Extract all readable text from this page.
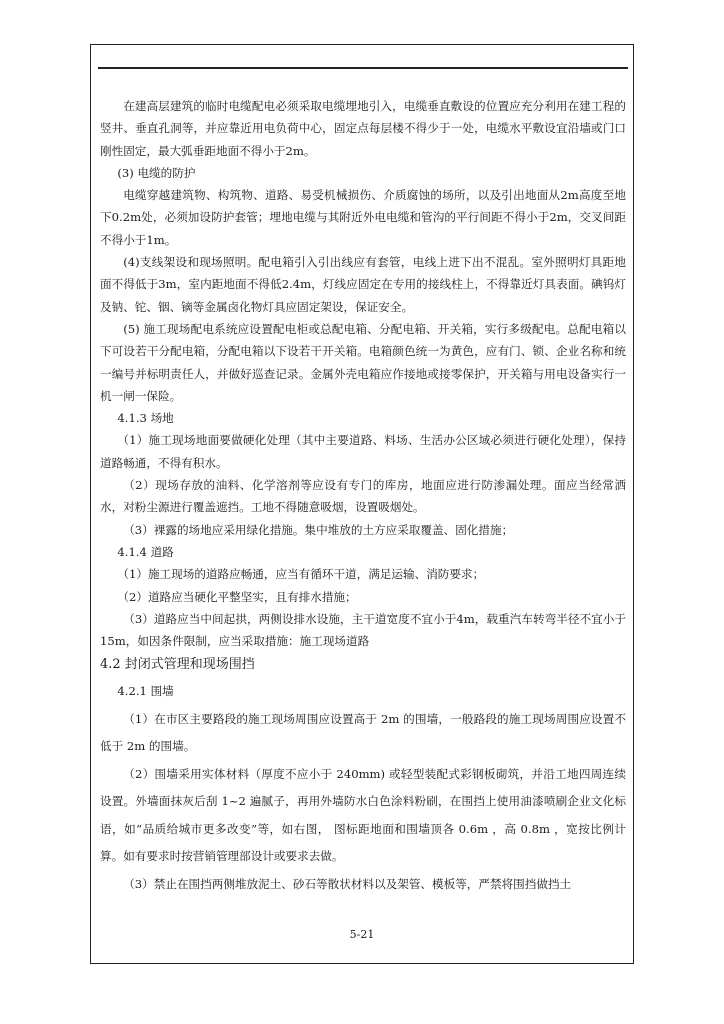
在建高层建筑的临时电缆配电必须采取电缆埋地引入，电缆垂直敷设的位置应充分利用在建工程的竖井、垂直孔洞等，并应靠近用电负荷中心，固定点每层楼不得少于一处，电缆水平敷设宜沿墙或门口刚性固定，最大弧垂距地面不得小于2m。

(3) 电缆的防护

电缆穿越建筑物、构筑物、道路、易受机械损伤、介质腐蚀的场所，以及引出地面从2m高度至地下0.2m处，必须加设防护套管；埋地电缆与其附近外电电缆和管沟的平行间距不得小于2m，交叉间距不得小于1m。

(4)支线架设和现场照明。配电箱引入引出线应有套管，电线上进下出不混乱。室外照明灯具距地面不得低于3m，室内距地面不得低2.4m，灯线应固定在专用的接线柱上，不得靠近灯具表面。碘钨灯及钠、铊、铟、镝等金属卤化物灯具应固定架设，保证安全。

(5) 施工现场配电系统应设置配电柜或总配电箱、分配电箱、开关箱，实行多级配电。总配电箱以下可设若干分配电箱，分配电箱以下设若干开关箱。电箱颜色统一为黄色，应有门、锁、企业名称和统一编号并标明责任人，并做好巡查记录。金属外壳电箱应作接地或接零保护，开关箱与用电设备实行一机一闸一保险。

4.1.3 场地

（1）施工现场地面要做硬化处理（其中主要道路、料场、生活办公区域必须进行硬化处理），保持道路畅通，不得有积水。

（2）现场存放的油料、化学溶剂等应设有专门的库房，地面应进行防渗漏处理。面应当经常洒水，对粉尘源进行覆盖遮挡。工地不得随意吸烟，设置吸烟处。

（3）裸露的场地应采用绿化措施。集中堆放的土方应采取覆盖、固化措施；

4.1.4 道路

（1）施工现场的道路应畅通，应当有循环干道，满足运输、消防要求；

（2）道路应当硬化平整坚实，且有排水措施；

（3）道路应当中间起拱，两侧设排水设施，主干道宽度不宜小于4m，载重汽车转弯半径不宜小于15m，如因条件限制，应当采取措施：施工现场道路

4.2 封闭式管理和现场围挡

4.2.1 围墙

（1）在市区主要路段的施工现场周围应设置高于 2m 的围墙，一般路段的施工现场周围应设置不低于 2m 的围墙。

（2）围墙采用实体材料（厚度不应小于 240mm) 或轻型装配式彩钢板砌筑，并沿工地四周连续设置。外墙面抹灰后刮 1~2 遍腻子，再用外墙防水白色涂料粉刷，在围挡上使用油漆喷刷企业文化标语，如“品质给城市更多改变”等，如右图， 图标距地面和围墙顶各 0.6m ，高 0.8m ，宽按比例计算。如有要求时按营销管理部设计或要求去做。

（3）禁止在围挡两侧堆放泥土、砂石等散状材料以及架管、模板等，严禁将围挡做挡土

5-21
